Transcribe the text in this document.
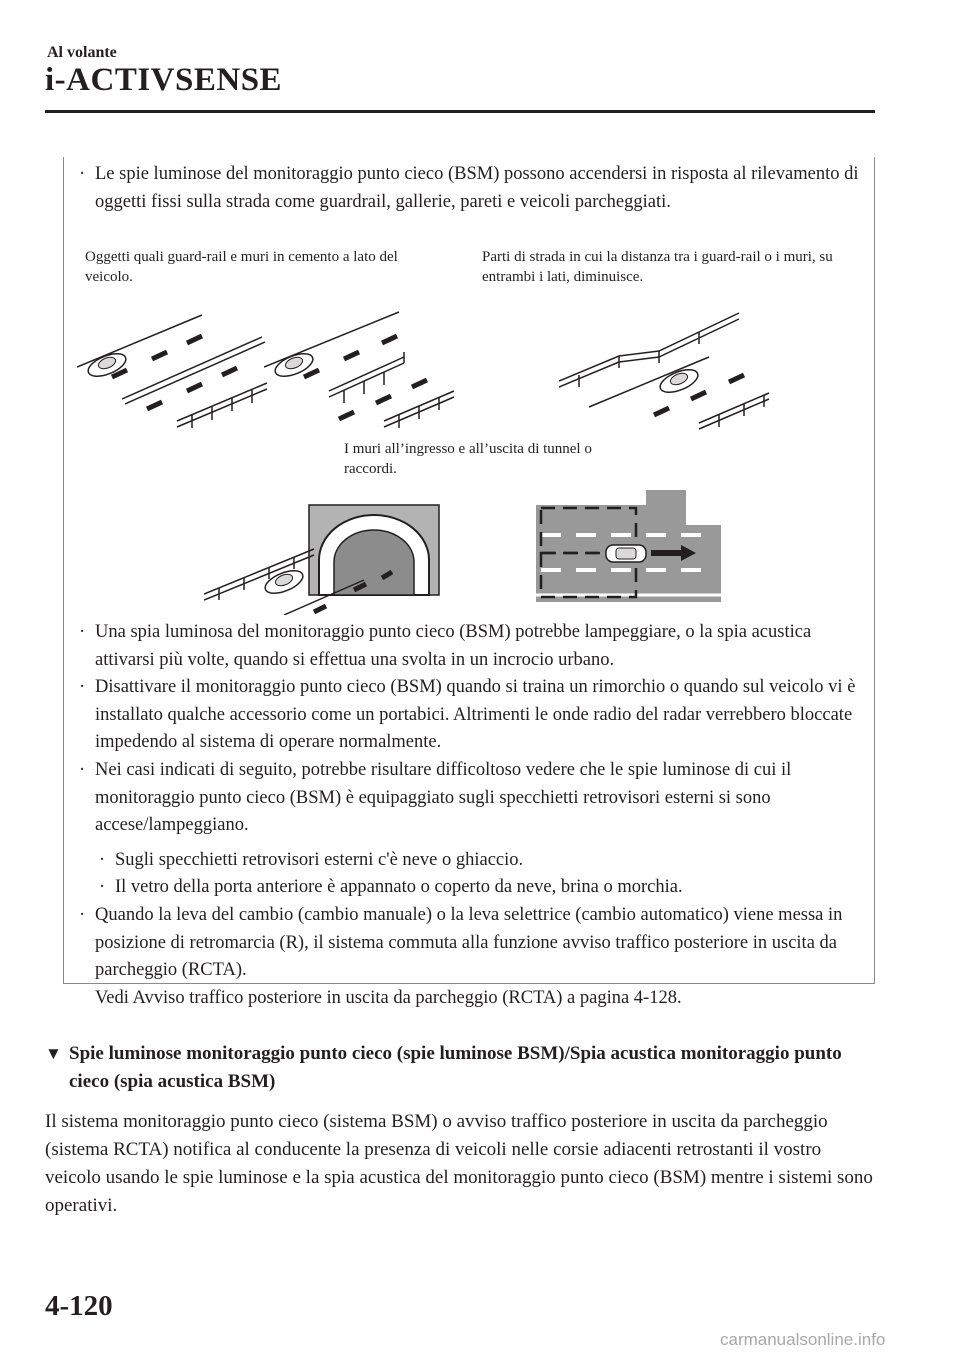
Al volante
i-ACTIVSENSE
· Le spie luminose del monitoraggio punto cieco (BSM) possono accendersi in risposta al rilevamento di oggetti fissi sulla strada come guardrail, gallerie, pareti e veicoli parcheggiati.
Oggetti quali guard-rail e muri in cemento a lato del veicolo.
Parti di strada in cui la distanza tra i guard-rail o i muri, su entrambi i lati, diminuisce.
I muri all’ingresso e all’uscita di tunnel o raccordi.
· Una spia luminosa del monitoraggio punto cieco (BSM) potrebbe lampeggiare, o la spia acustica attivarsi più volte, quando si effettua una svolta in un incrocio urbano.
· Disattivare il monitoraggio punto cieco (BSM) quando si traina un rimorchio o quando sul veicolo vi è installato qualche accessorio come un portabici. Altrimenti le onde radio del radar verrebbero bloccate impedendo al sistema di operare normalmente.
· Nei casi indicati di seguito, potrebbe risultare difficoltoso vedere che le spie luminose di cui il monitoraggio punto cieco (BSM) è equipaggiato sugli specchietti retrovisori esterni si sono accese/lampeggiano.
· Sugli specchietti retrovisori esterni c'è neve o ghiaccio.
· Il vetro della porta anteriore è appannato o coperto da neve, brina o morchia.
· Quando la leva del cambio (cambio manuale) o la leva selettrice (cambio automatico) viene messa in posizione di retromarcia (R), il sistema commuta alla funzione avviso traffico posteriore in uscita da parcheggio (RCTA).
Vedi Avviso traffico posteriore in uscita da parcheggio (RCTA) a pagina 4-128.
▼ Spie luminose monitoraggio punto cieco (spie luminose BSM)/Spia acustica monitoraggio punto cieco (spia acustica BSM)
Il sistema monitoraggio punto cieco (sistema BSM) o avviso traffico posteriore in uscita da parcheggio (sistema RCTA) notifica al conducente la presenza di veicoli nelle corsie adiacenti retrostanti il vostro veicolo usando le spie luminose e la spia acustica del monitoraggio punto cieco (BSM) mentre i sistemi sono operativi.
4-120
carmanualsonline.info
